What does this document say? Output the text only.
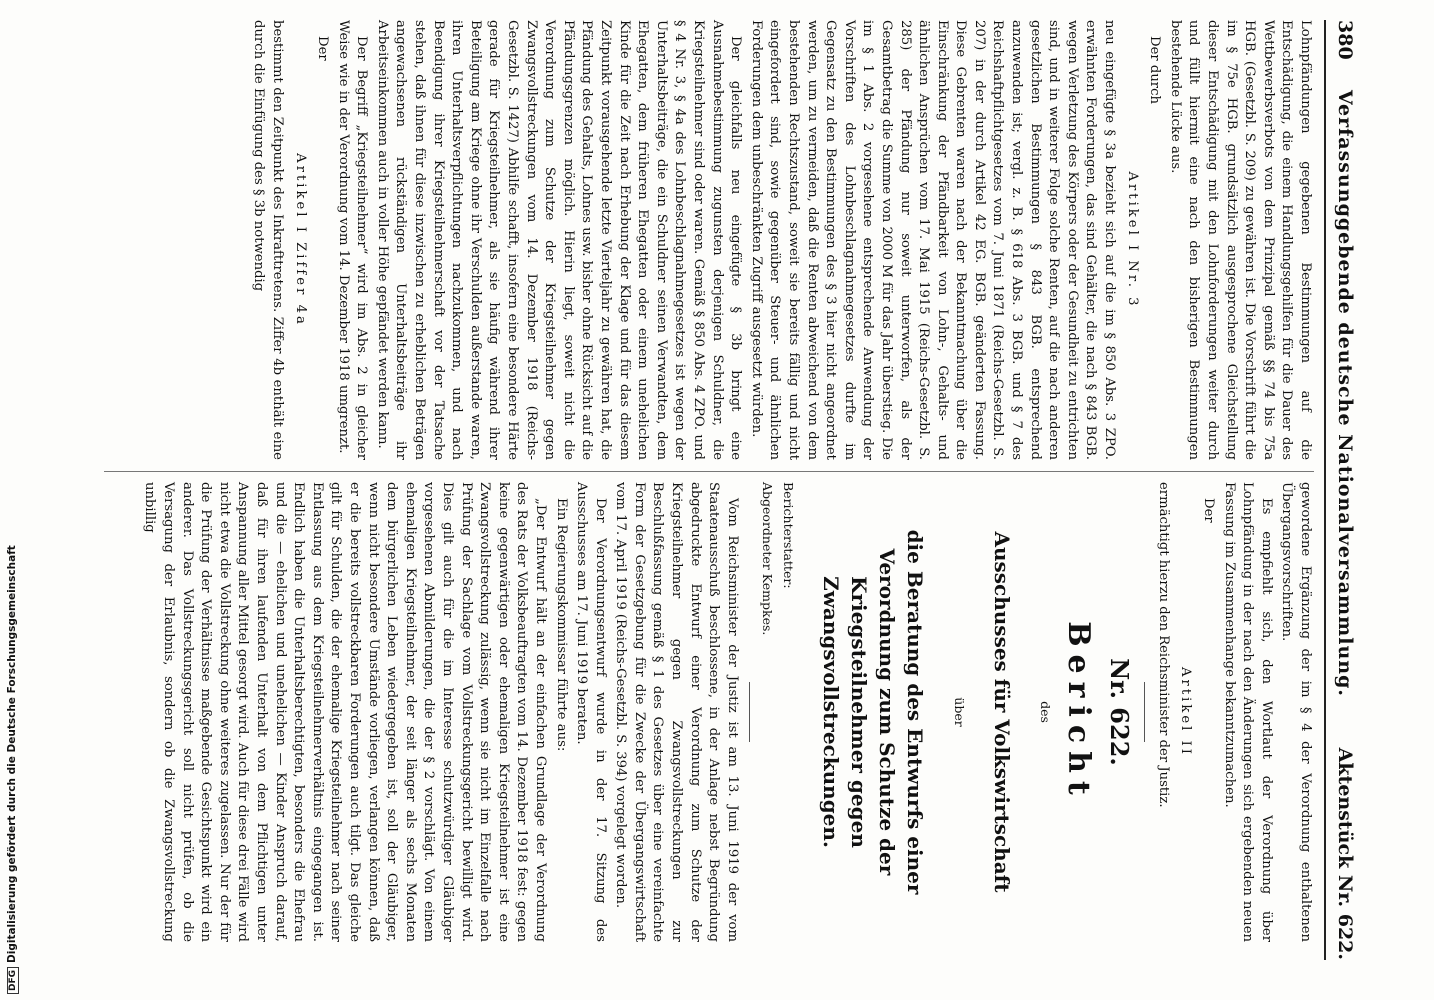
380
Verfassunggebende deutsche Nationalversammlung.
Aktenstück Nr. 622.

Lohnpfändungen gegebenen Bestimmungen auf die Entschädigung, die einem Handlungsgehilfen für die Dauer des Wettbewerbsverbots von dem Prinzipal gemäß §§ 74 bis 75a HGB. (Gesetzbl. S. 209) zu gewähren ist. Die Vorschrift führt die im § 75e HGB. grundsätzlich ausgesprochene Gleichstellung dieser Entschädigung mit den Lohnforderungen weiter durch und füllt hiermit eine nach den bisherigen Bestimmungen bestehende Lücke aus.

Der durch

Artikel I Nr. 3

neu eingefügte § 3a bezieht sich auf die im § 850 Abs. 3 ZPO. erwähnten Forderungen, das sind Gehälter, die nach § 843 BGB. wegen Verletzung des Körpers oder der Gesundheit zu entrichten sind, und in weiterer Folge solche Renten, auf die nach anderen gesetzlichen Bestimmungen § 843 BGB. entsprechend anzuwenden ist; vergl. z. B. § 618 Abs. 3 BGB. und § 7 des Reichshaftpflichtgesetzes vom 7. Juni 1871 (Reichs-Gesetzbl. S. 207) in der durch Artikel 42 EG. BGB. geänderten Fassung. Diese Gebrenten waren nach der Bekanntmachung über die Einschränkung der Pfändbarkeit von Lohn-, Gehalts- und ähnlichen Ansprüchen vom 17. Mai 1915 (Reichs-Gesetzbl. S. 285) der Pfändung nur soweit unterworfen, als der Gesamtbetrag die Summe von 2000 M für das Jahr überstieg. Die im § 1 Abs. 2 vorgesehene entsprechende Anwendung der Vorschriften des Lohnbeschlagnahmegesetzes durfte im Gegensatz zu den Bestimmungen des § 3 hier nicht angeordnet werden, um zu vermeiden, daß die Renten abweichend von dem bestehenden Rechtszustand, soweit sie bereits fällig und nicht eingefordert sind, sowie gegenüber Steuer- und ähnlichen Forderungen dem unbeschränkten Zugriff ausgesetzt würden.

Der gleichfalls neu eingefügte § 3b bringt eine Ausnahmebestimmung zugunsten derjenigen Schuldner, die Kriegsteilnehmer sind oder waren. Gemäß § 850 Abs. 4 ZPO. und § 4 Nr. 3, § 4a des Lohnbeschlagnahmegesetzes ist wegen der Unterhaltsbeiträge, die ein Schuldner seinen Verwandten, dem Ehegatten, dem früheren Ehegatten oder einem unehelichen Kinde für die Zeit nach Erhebung der Klage und für das diesem Zeitpunkt vorausgehende letzte Vierteljahr zu gewähren hat, die Pfändung des Gehalts, Lohnes usw. bisher ohne Rücksicht auf die Pfändungsgrenzen möglich. Hierin liegt, soweit nicht die Verordnung zum Schutze der Kriegsteilnehmer gegen Zwangsvollstreckungen vom 14. Dezember 1918 (Reichs-Gesetzbl. S. 1427) Abhilfe schafft, insofern eine besondere Härte gerade für Kriegsteilnehmer, als sie häufig während ihrer Beteiligung am Kriege ohne ihr Verschulden außerstande waren, ihren Unterhaltsverpflichtungen nachzukommen, und nach Beendigung ihrer Kriegsteilnehmerschaft vor der Tatsache stehen, daß ihnen für diese inzwischen zu erheblichen Beträgen angewachsenen rückständigen Unterhaltsbeiträge ihr Arbeitseinkommen auch in voller Höhe gepfändet werden kann.

Der Begriff „Kriegsteilnehmer“ wird im Abs. 2 in gleicher Weise wie in der Verordnung vom 14. Dezember 1918 umgrenzt.

Der

Artikel I Ziffer 4a

bestimmt den Zeitpunkt des Inkrafttretens. Ziffer 4b enthält eine durch die Einfügung des § 3b notwendig

gewordene Ergänzung der im § 4 der Verordnung enthaltenen Übergangsvorschriften.

Es empfiehlt sich, den Wortlaut der Verordnung über Lohnpfändung in der nach den Änderungen sich ergebenden neuen Fassung im Zusammenhange bekanntzumachen.

Der

Artikel II

ermächtigt hierzu den Reichsminister der Justiz.

Nr. 622.

Bericht

des

Ausschusses für Volkswirtschaft

über

die Beratung des Entwurfs einer Verordnung zum Schutze der Kriegsteilnehmer gegen Zwangsvollstreckungen.

Berichterstatter:

Abgeordneter Kempkes.

Vom Reichsminister der Justiz ist am 13. Juni 1919 der vom Staatenausschuß beschlossene, in der Anlage nebst Begründung abgedruckte Entwurf einer Verordnung zum Schutze der Kriegsteilnehmer gegen Zwangsvollstreckungen zur Beschlußfassung gemäß § 1 des Gesetzes über eine vereinfachte Form der Gesetzgebung für die Zwecke der Übergangswirtschaft vom 17. April 1919 (Reichs-Gesetzbl. S. 394) vorgelegt worden.

Der Verordnungsentwurf wurde in der 17. Sitzung des Ausschusses am 17. Juni 1919 beraten.

Ein Regierungskommissar führte aus:

„Der Entwurf hält an der einfachen Grundlage der Verordnung des Rats der Volksbeauftragten vom 14. Dezember 1918 fest: gegen keine gegenwärtigen oder ehemaligen Kriegsteilnehmer ist eine Zwangsvollstreckung zulässig, wenn sie nicht im Einzelfalle nach Prüfung der Sachlage vom Vollstreckungsgericht bewilligt wird. Dies gilt auch für die im Interesse schutzwürdiger Gläubiger vorgesehenen Abmilderungen, die der § 2 vorschlägt. Von einem ehemaligen Kriegsteilnehmer, der seit länger als sechs Monaten dem bürgerlichen Leben wiedergegeben ist, soll der Gläubiger, wenn nicht besondere Umstände vorliegen, verlangen können, daß er die bereits vollstreckbaren Forderungen auch tilgt. Das gleiche gilt für Schulden, die der ehemalige Kriegsteilnehmer nach seiner Entlassung aus dem Kriegsteilnehmerverhältnis eingegangen ist. Endlich haben die Unterhaltsberechtigten, besonders die Ehefrau und die — ehelichen und unehelichen — Kinder Anspruch darauf, daß für ihren laufenden Unterhalt von dem Pflichtigen unter Anspannung aller Mittel gesorgt wird. Auch für diese drei Fälle wird nicht etwa die Vollstreckung ohne weiteres zugelassen. Nur der für die Prüfung der Verhältnisse maßgebende Gesichtspunkt wird ein anderer. Das Vollstreckungsgericht soll nicht prüfen, ob die Versagung der Erlaubnis, sondern ob die Zwangsvollstreckung unbillig

DFGDigitalisierung gefördert durch die Deutsche Forschungsgemeinschaft
